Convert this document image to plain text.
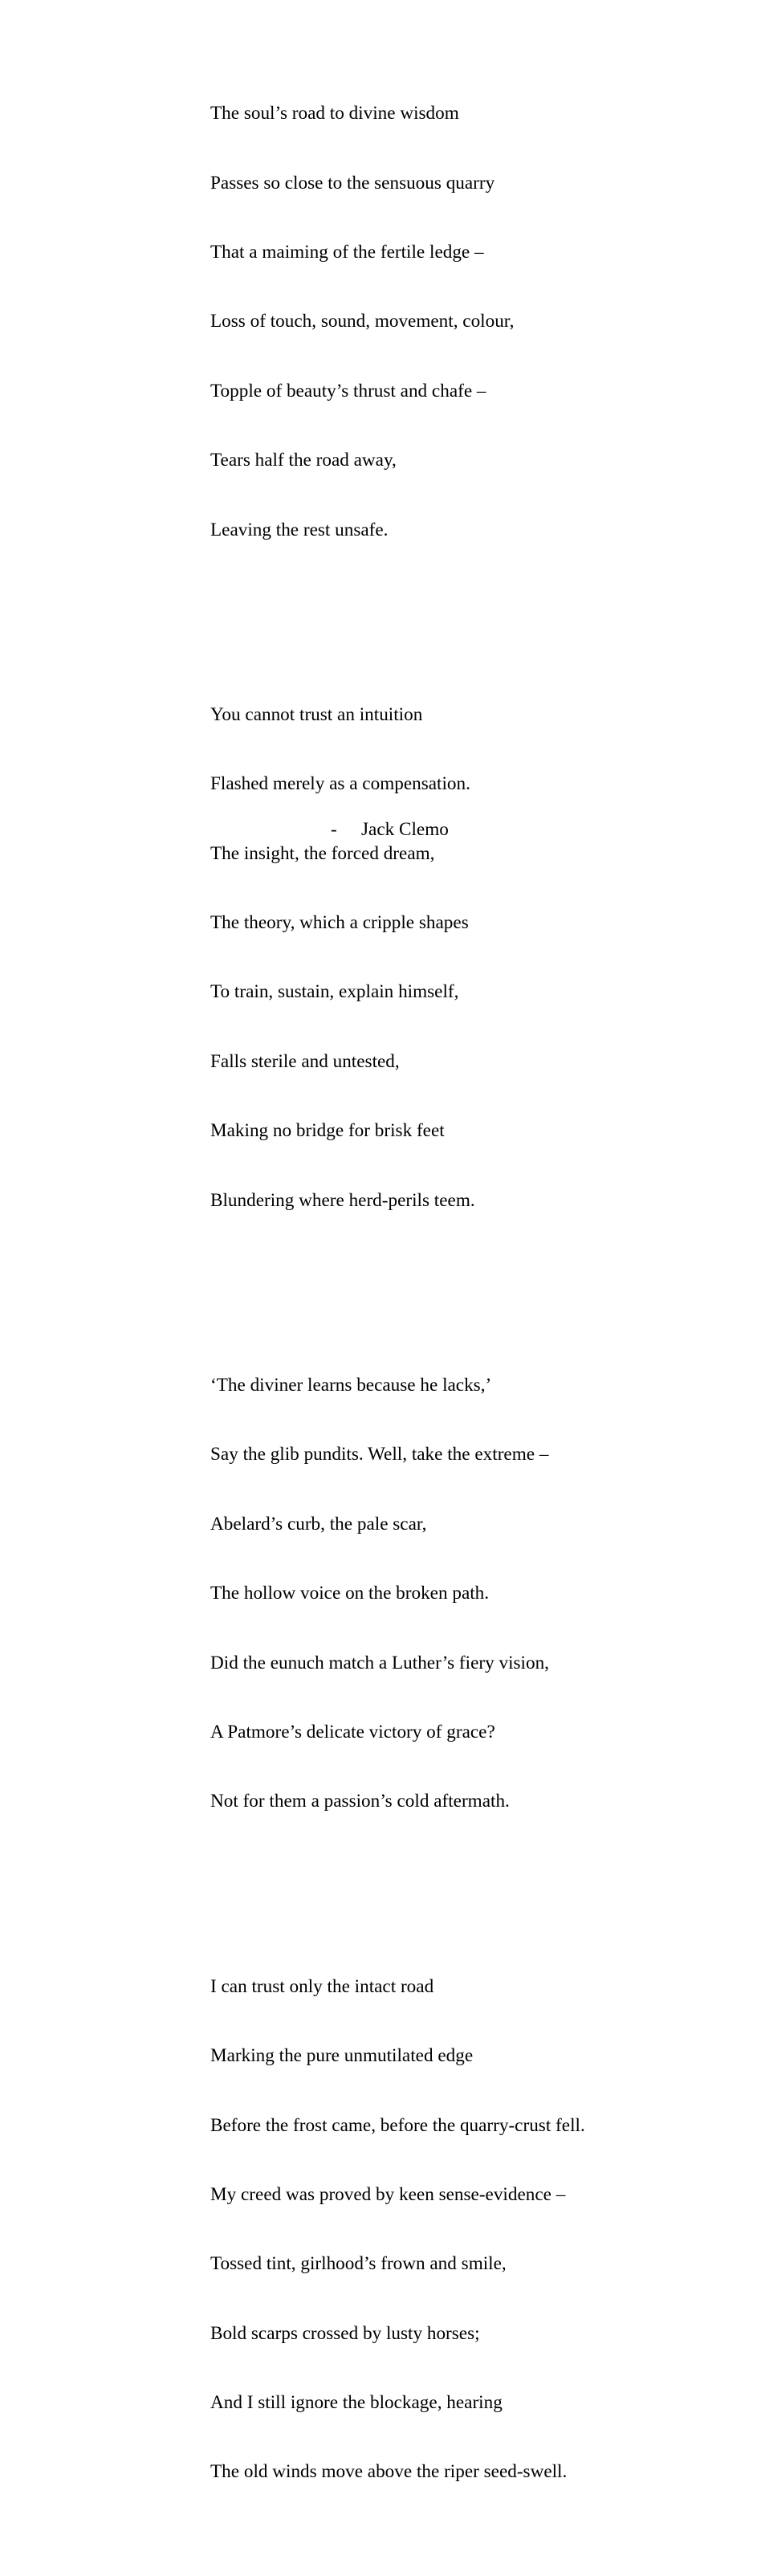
The soul’s road to divine wisdom

Passes so close to the sensuous quarry

That a maiming of the fertile ledge –

Loss of touch, sound, movement, colour,

Topple of beauty’s thrust and chafe –

Tears half the road away,

Leaving the rest unsafe.

You cannot trust an intuition

Flashed merely as a compensation.

The insight, the forced dream,

The theory, which a cripple shapes

To train, sustain, explain himself,

Falls sterile and untested,

Making no bridge for brisk feet

Blundering where herd-perils teem.

‘The diviner learns because he lacks,’

Say the glib pundits. Well, take the extreme –

Abelard’s curb, the pale scar,

The hollow voice on the broken path.

Did the eunuch match a Luther’s fiery vision,

A Patmore’s delicate victory of grace?

Not for them a passion’s cold aftermath.

I can trust only the intact road

Marking the pure unmutilated edge

Before the frost came, before the quarry-crust fell.

My creed was proved by keen sense-evidence –

Tossed tint, girlhood’s frown and smile,

Bold scarps crossed by lusty horses;

And I still ignore the blockage, hearing

The old winds move above the riper seed-swell.

- Jack Clemo
